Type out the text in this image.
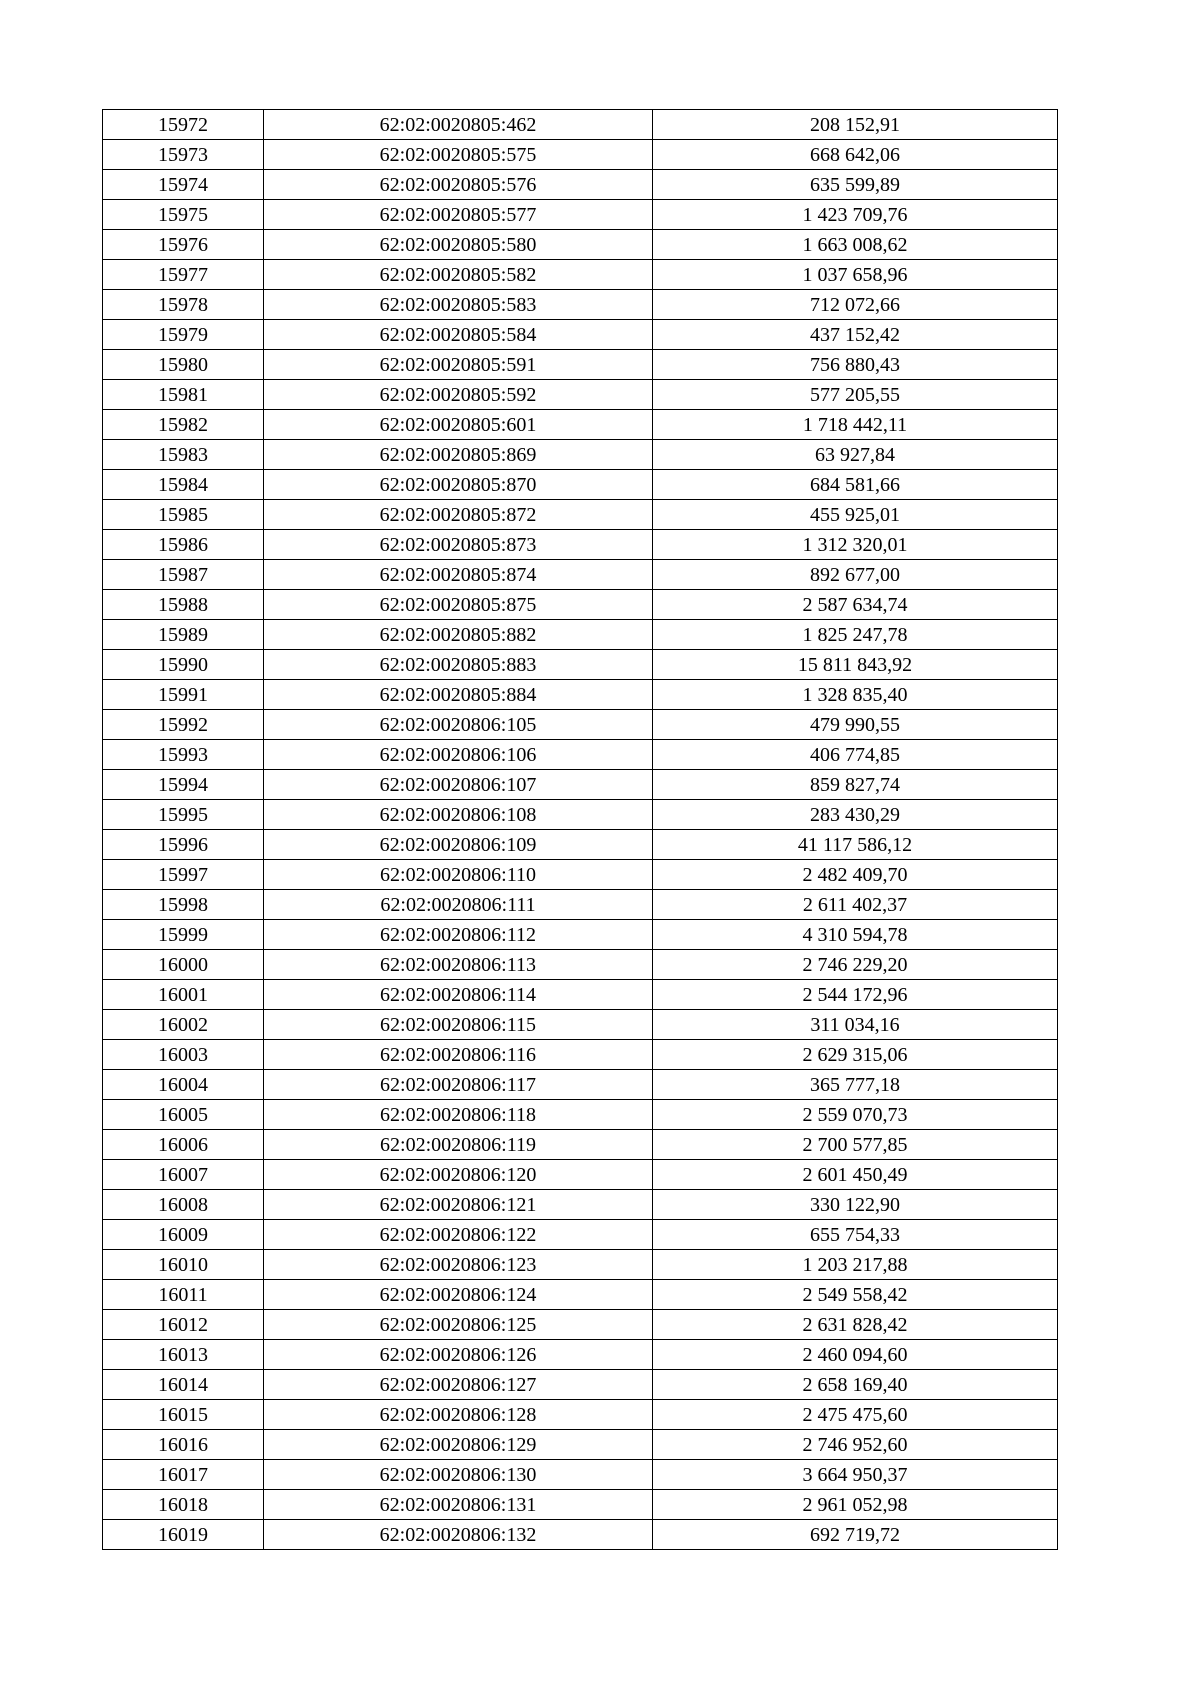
15972	62:02:0020805:462	208 152,91
15973	62:02:0020805:575	668 642,06
15974	62:02:0020805:576	635 599,89
15975	62:02:0020805:577	1 423 709,76
15976	62:02:0020805:580	1 663 008,62
15977	62:02:0020805:582	1 037 658,96
15978	62:02:0020805:583	712 072,66
15979	62:02:0020805:584	437 152,42
15980	62:02:0020805:591	756 880,43
15981	62:02:0020805:592	577 205,55
15982	62:02:0020805:601	1 718 442,11
15983	62:02:0020805:869	63 927,84
15984	62:02:0020805:870	684 581,66
15985	62:02:0020805:872	455 925,01
15986	62:02:0020805:873	1 312 320,01
15987	62:02:0020805:874	892 677,00
15988	62:02:0020805:875	2 587 634,74
15989	62:02:0020805:882	1 825 247,78
15990	62:02:0020805:883	15 811 843,92
15991	62:02:0020805:884	1 328 835,40
15992	62:02:0020806:105	479 990,55
15993	62:02:0020806:106	406 774,85
15994	62:02:0020806:107	859 827,74
15995	62:02:0020806:108	283 430,29
15996	62:02:0020806:109	41 117 586,12
15997	62:02:0020806:110	2 482 409,70
15998	62:02:0020806:111	2 611 402,37
15999	62:02:0020806:112	4 310 594,78
16000	62:02:0020806:113	2 746 229,20
16001	62:02:0020806:114	2 544 172,96
16002	62:02:0020806:115	311 034,16
16003	62:02:0020806:116	2 629 315,06
16004	62:02:0020806:117	365 777,18
16005	62:02:0020806:118	2 559 070,73
16006	62:02:0020806:119	2 700 577,85
16007	62:02:0020806:120	2 601 450,49
16008	62:02:0020806:121	330 122,90
16009	62:02:0020806:122	655 754,33
16010	62:02:0020806:123	1 203 217,88
16011	62:02:0020806:124	2 549 558,42
16012	62:02:0020806:125	2 631 828,42
16013	62:02:0020806:126	2 460 094,60
16014	62:02:0020806:127	2 658 169,40
16015	62:02:0020806:128	2 475 475,60
16016	62:02:0020806:129	2 746 952,60
16017	62:02:0020806:130	3 664 950,37
16018	62:02:0020806:131	2 961 052,98
16019	62:02:0020806:132	692 719,72
